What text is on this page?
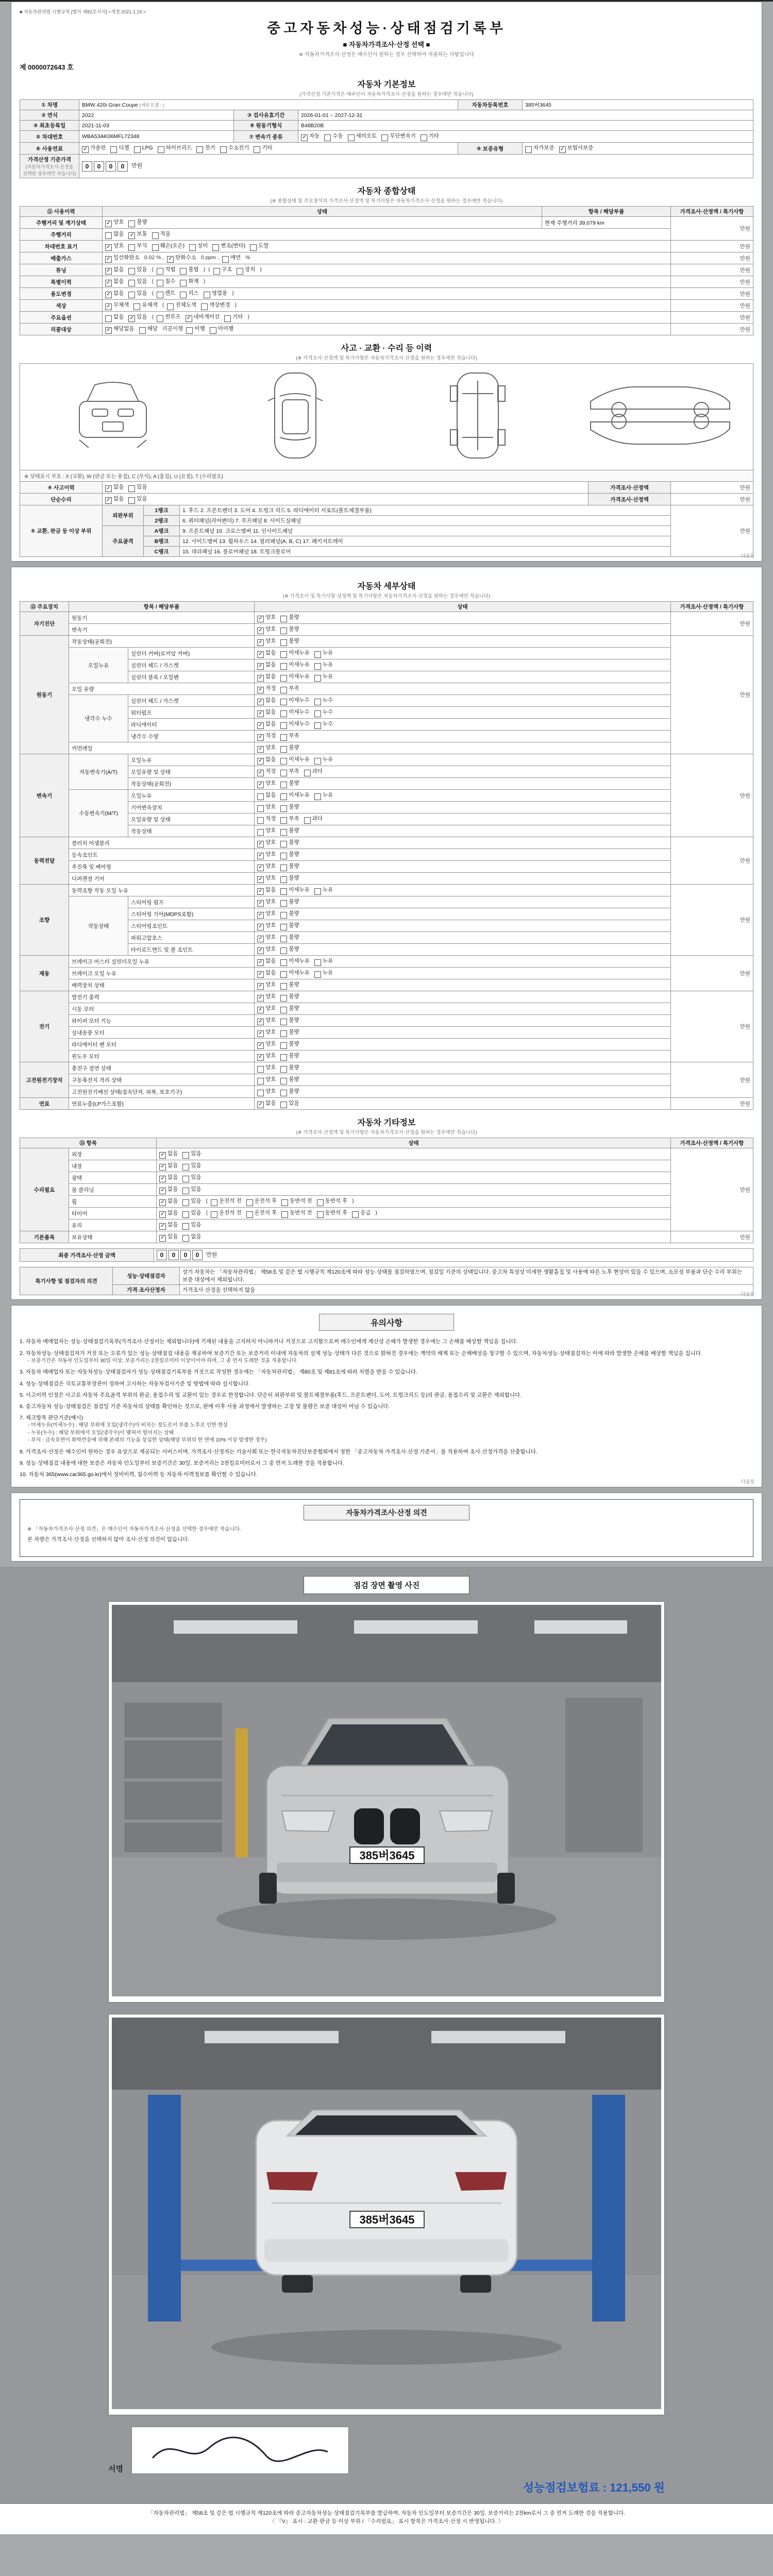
■ 자동차관리법 시행규칙 [별지 제82호서식] <개정 2021.1.19.>
중고자동차성능·상태점검기록부
■ 자동차가격조사·산정 선택 ■
※ 자동차가격조사·산정은 매수인이 원하는 경우 선택하여 적용하는 사항입니다
제 0000072643 호
자동차 기본정보
(가격산정 기준가격은 매수인이 자동차가격조사·산정을 원하는 경우에만 적습니다)
① 차명	BMW 420i Gran Coupe (세부모델 : )			자동차등록번호	385버3645
② 연식	2022	③ 검사유효기간	2026-01-01 ~ 2027-12-31		
④ 최초등록일	2021-11-03	⑧ 원동기형식	B48B20B		
⑤ 차대번호	WBA53AK06MFL72348	⑦ 변속기 종류	✓ 자동 수동 세미오토 무단변속기 기타		
⑥ 사용연료	✓ 가솔린 디젤 LPG 하이브리드 전기 수소전기 기타			⑨ 보증유형	자가보증 ✓ 보험사보증
가격산정 기준가격 (자동차가격조사·산정을 선택한 경우에만 적습니다)	0 0 0 0 만원				
자동차 종합상태
(※ 종합상태 및 주요장치의 가격조사·산정액 및 특기사항은 자동차가격조사·산정을 원하는 경우에만 적습니다)
⑪ 사용이력	상태	항목 / 해당부품	가격조사·산정액 / 특기사항
주행거리 및 계기상태	✓ 양호 불량	현재 주행거리 39,079 km	만원
주행거리	많음 ✓ 보통 적음		
차대번호 표기	✓ 양호 부식 훼손(오손) 상이 변조(변타) 도말		만원
배출가스	✓ 일산화탄소 0.02 % , ✓ 탄화수소 0 ppm , 매연 %		만원
튜닝	✓ 없음 있음 ( 적법 불법 ) ( 구조 장치 )		만원
특별이력	✓ 없음 있음 ( 침수 화재 )		만원
용도변경	✓ 없음 있음 ( 렌트 리스 영업용 )		만원
색상	✓ 무채색 유채색 ( 전체도색 색상변경 )		만원
주요옵션	없음 ✓ 있음 ( 썬루프 ✓ 네비게이션 기타 )		만원
리콜대상	✓ 해당없음 해당 리콜이행 이행 미이행		만원
사고 · 교환 · 수리 등 이력
(※ 가격조사·산정액 및 특기사항은 자동차가격조사·산정을 원하는 경우에만 적습니다)
※ 상태표시 부호 : X (교환), W (판금 또는 용접), C (부식), A (흠집), U (요철), T (수리필요)
④ 사고이력	✓ 없음 있음	가격조사·산정액	만원
단순수리	✓ 없음 있음	가격조사·산정액	만원
⑤ 교환, 판금 등 이상 부위	외판부위	1랭크	1. 후드 2. 프론트펜더 3. 도어 4. 트렁크 리드 5. 라디에이터 서포트(볼트체결부품)	만원
		2랭크	6. 쿼터패널(리어펜더) 7. 루프패널 8. 사이드실패널	
	주요골격	A랭크	9. 프론트패널 10. 크로스멤버 11. 인사이드패널	
		B랭크	12. 사이드멤버 13. 휠하우스 14. 필러패널(A, B, C) 17. 패키지트레이	
		C랭크	15. 대쉬패널 16. 플로어패널 18. 트렁크플로어	
다음장
자동차 세부상태
(※ 가격조사 및 특기사항·상정액 및 특기사항은 자동차가격조사·산정을 원하는 경우에만 적습니다)
⑫ 주요장치	항목 / 해당부품		상태	가격조사·산정액 / 특기사항
자기진단	원동기		✓ 양호 불량	만원
	변속기		✓ 양호 불량	
원동기	작동상태(공회전)		✓ 양호 불량	만원
	오일누유	실린더 커버(로커암 커버)	✓ 없음 미세누유 누유	
		실린더 헤드 / 가스켓	✓ 없음 미세누유 누유	
		실린더 블록 / 오일팬	✓ 없음 미세누유 누유	
	오일 유량		✓ 적정 부족	
	냉각수 누수	실린더 헤드 / 가스켓	✓ 없음 미세누수 누수	
		워터펌프	✓ 없음 미세누수 누수	
		라디에이터	✓ 없음 미세누수 누수	
		냉각수 수량	✓ 적정 부족	
	커먼레일		✓ 양호 불량	
변속기	자동변속기(A/T)	오일누유	✓ 없음 미세누유 누유	만원
		오일유량 및 상태	✓ 적정 부족 과다	
		작동상태(공회전)	✓ 양호 불량	
	수동변속기(M/T)	오일누유	없음 미세누유 누유	
		기어변속장치	양호 불량	
		오일유량 및 상태	적정 부족 과다	
		작동상태	양호 불량	
동력전달	클러치 어셈블리		✓ 양호 불량	만원
	등속조인트		✓ 양호 불량	
	추진축 및 베어링		✓ 양호 불량	
	디퍼렌셜 기어		✓ 양호 불량	
조향	동력조향 작동 오일 누유		✓ 없음 미세누유 누유	만원
	작동상태	스티어링 펌프	✓ 양호 불량	
		스티어링 기어(MDPS포함)	✓ 양호 불량	
		스티어링조인트	✓ 양호 불량	
		파워고압호스	✓ 양호 불량	
		타이로드엔드 및 볼 조인트	✓ 양호 불량	
제동	브레이크 마스터 실린더오일 누유		✓ 없음 미세누유 누유	만원
	브레이크 오일 누유		✓ 없음 미세누유 누유	
	배력장치 상태		✓ 양호 불량	
전기	발전기 출력		✓ 양호 불량	만원
	시동 모터		✓ 양호 불량	
	와이퍼 모터 기능		✓ 양호 불량	
	실내송풍 모터		✓ 양호 불량	
	라디에이터 팬 모터		✓ 양호 불량	
	윈도우 모터		✓ 양호 불량	
고전원전기장치	충전구 절연 상태		양호 불량	만원
	구동축전지 격리 상태		양호 불량	
	고전원전기배선 상태(접속단자, 피복, 보호기구)		양호 불량	
연료	연료누출(LP가스포함)		✓ 없음 있음	만원
자동차 기타정보
(※ 가격조사·산정액 및 특기사항은 자동차가격조사·산정을 원하는 경우에만 적습니다)
⑬ 항목		상태	가격조사·산정액 / 특기사항
수리필요	외장	✓ 없음 있음	만원
	내장	✓ 없음 있음	
	광택	✓ 없음 있음	
	룸 클리닝	✓ 없음 있음	
	휠	✓ 없음 있음 ( 운전석 전 운전석 후 동반석 전 동반석 후 )	
	타이어	✓ 없음 있음 ( 운전석 전 운전석 후 동반석 전 동반석 후 응급 )	
	유리	✓ 없음 있음	
기본품목	보유상태	✓ 있음 없음	만원
최종 가격조사·산정 금액	0 0 0 0 만원
특기사항 및 점검자의 의견	성능·상태점검자	상기 자동차는 「자동차관리법」 제58조 및 같은 법 시행규칙 제120조에 따라 성능·상태를 점검하였으며, 점검일 기준의 상태입니다. 중고차 특성상 미세한 생활흠집 및 사용에 따른 노후 현상이 있을 수 있으며, 소모성 부품과 단순 수리 부위는 보증 대상에서 제외됩니다.
	가격·조사산정자	가격조사·산정을 선택하지 않음
다음장
유의사항
1. 자동차 매매업자는 성능·상태점검기록부(가격조사·산정서는 제외합니다)에 기재된 내용을 고지하지 아니하거나 거짓으로 고지함으로써 매수인에게 재산상 손해가 발생한 경우에는 그 손해를 배상할 책임을 집니다.
2. 자동차성능·상태점검자가 거짓 또는 오류가 있는 성능·상태점검 내용을 제공하여 보증기간 또는 보증거리 이내에 자동차의 실제 성능·상태가 다른 것으로 밝혀진 경우에는 계약의 해제 또는 손해배상을 청구할 수 있으며, 자동차성능·상태점검자는 이에 따라 발생한 손해를 배상할 책임을 집니다.
- 보증기간은 자동차 인도일부터 30일 이상, 보증거리는 2천킬로미터 이상이어야 하며, 그 중 먼저 도래한 것을 적용합니다.
3. 자동차 매매업자 또는 자동차성능·상태점검자가 성능·상태점검기록부를 거짓으로 작성한 경우에는 「자동차관리법」 제80조 및 제81조에 따라 처벌을 받을 수 있습니다.
4. 성능·상태점검은 국토교통부장관이 정하여 고시하는 자동차검사기준 및 방법에 따라 실시합니다.
5. 사고이력 인정은 사고로 자동차 주요골격 부위의 판금, 용접수리 및 교환이 있는 경우로 한정합니다. 단순히 외판부위 및 볼트체결부품(후드, 프론트펜더, 도어, 트렁크리드 등)의 판금, 용접수리 및 교환은 제외합니다.
6. 중고자동차 성능·상태점검은 점검일 기준 자동차의 상태를 확인하는 것으로, 판매 이후 사용 과정에서 발생하는 고장 및 불량은 보증 대상이 아닐 수 있습니다.
7. 체크항목 판단기준(예시)
- 미세누유(미세누수) : 해당 부위에 오일(냉각수)이 비치는 정도로서 부품 노후로 인한 현상
- 누유(누수) : 해당 부위에서 오일(냉각수)이 맺혀서 떨어지는 상태
- 부식 : 금속표면이 화학반응에 의해 본래의 기능을 상실한 상태(해당 부위의 한 면에 10% 이상 발생한 경우)
8. 가격조사·산정은 매수인이 원하는 경우 유상으로 제공되는 서비스이며, 가격조사·산정자는 기술사회 또는 한국자동차진단보증협회에서 정한 「중고자동차 가격조사·산정 기준서」를 적용하여 조사·산정가격을 산출합니다.
9. 성능·상태점검 내용에 대한 보증은 자동차 인도일부터 보증기간은 30일, 보증거리는 2천킬로미터로서 그 중 먼저 도래한 것을 적용합니다.
10. 자동차 365(www.car365.go.kr)에서 정비이력, 침수이력 등 자동차 이력정보를 확인할 수 있습니다.
다음장
자동차가격조사·산정 의견
※ 「자동차가격조사·산정 의견」은 매수인이 자동차가격조사·산정을 선택한 경우에만 적습니다.
본 차량은 가격조사·산정을 선택하지 않아 조사·산정 의견이 없습니다.
점검 장면 촬영 사진
385버3645
385버3645
서명
성능점검보험료 : 121,550 원
「자동차관리법」 제58조 및 같은 법 시행규칙 제120조에 따라 중고자동차성능·상태점검기록부를 발급하며, 자동차 인도일부터 보증기간은 30일, 보증거리는 2천km로서 그 중 먼저 도래한 것을 적용합니다.
〈 『V』 표시 : 교환·판금 등 이상 부위 / 「수리필요」 표시 항목은 가격조사·산정 시 반영됩니다. 〉
